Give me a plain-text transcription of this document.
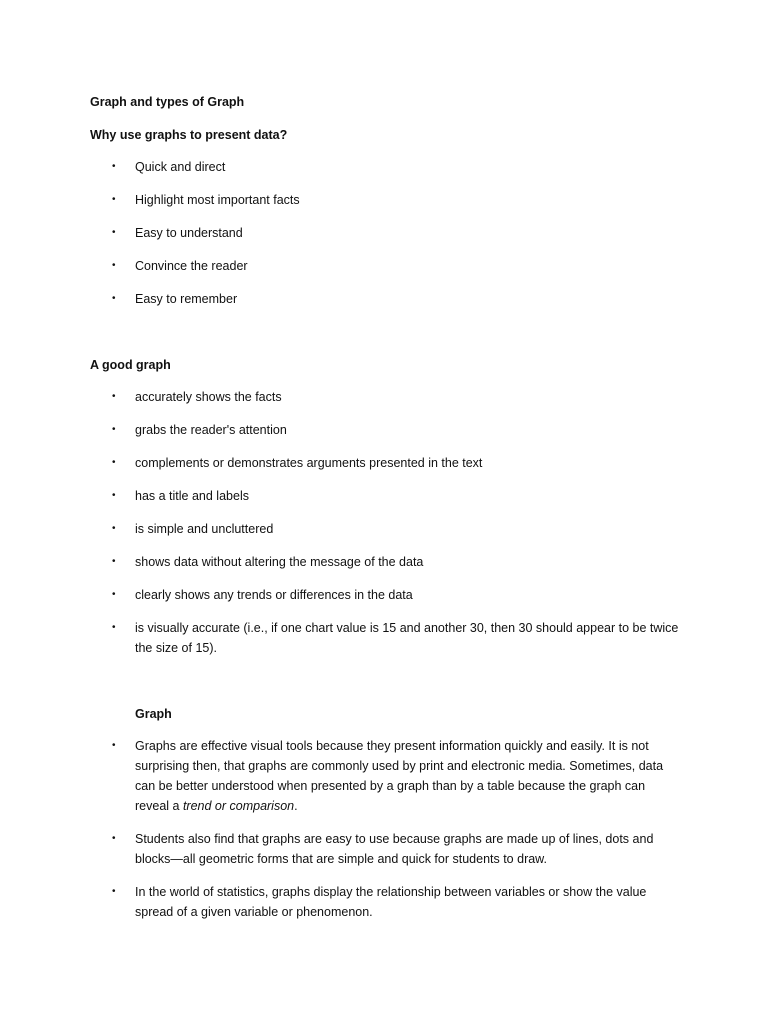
Graph and types of Graph

Why use graphs to present data?

• Quick and direct

• Highlight most important facts

• Easy to understand

• Convince the reader

• Easy to remember

A good graph

• accurately shows the facts

• grabs the reader's attention

• complements or demonstrates arguments presented in the text

• has a title and labels

• is simple and uncluttered

• shows data without altering the message of the data

• clearly shows any trends or differences in the data

• is visually accurate (i.e., if one chart value is 15 and another 30, then 30 should appear to be twice the size of 15).

Graph

• Graphs are effective visual tools because they present information quickly and easily. It is not surprising then, that graphs are commonly used by print and electronic media. Sometimes, data can be better understood when presented by a graph than by a table because the graph can reveal a trend or comparison.

• Students also find that graphs are easy to use because graphs are made up of lines, dots and blocks—all geometric forms that are simple and quick for students to draw.

• In the world of statistics, graphs display the relationship between variables or show the value spread of a given variable or phenomenon.
